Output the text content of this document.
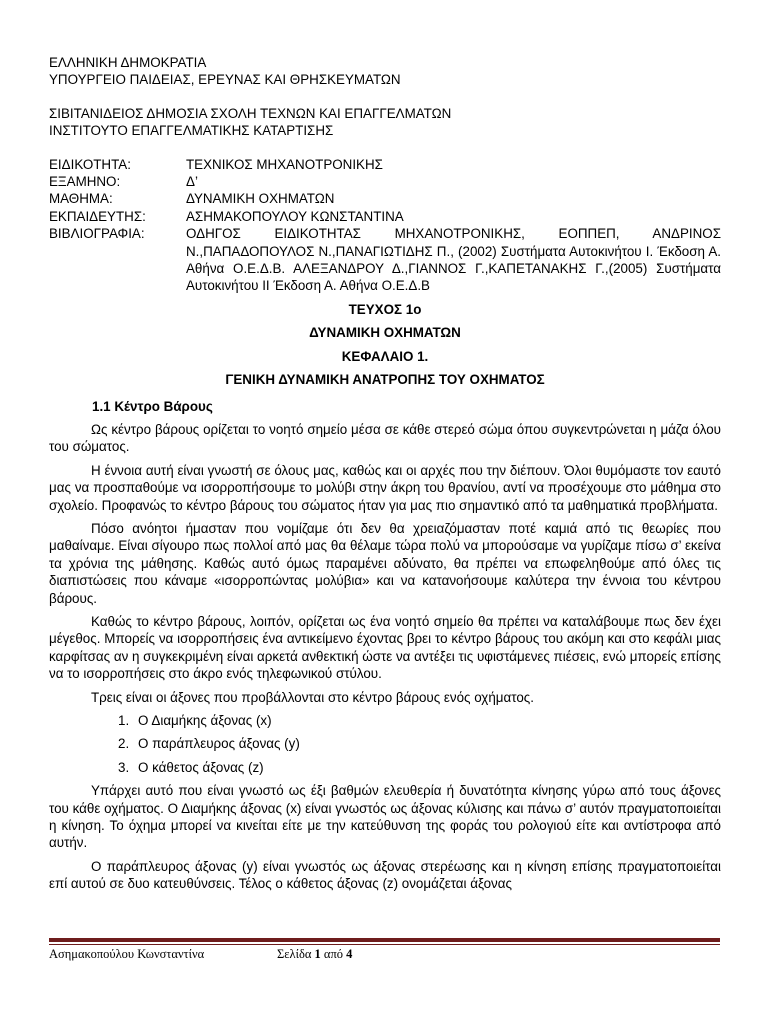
ΕΛΛΗΝΙΚΗ ΔΗΜΟΚΡΑΤΙΑ
ΥΠΟΥΡΓΕΙΟ ΠΑΙΔΕΙΑΣ, ΕΡΕΥΝΑΣ ΚΑΙ ΘΡΗΣΚΕΥΜΑΤΩΝ
ΣΙΒΙΤΑΝΙΔΕΙΟΣ ΔΗΜΟΣΙΑ ΣΧΟΛΗ ΤΕΧΝΩΝ ΚΑΙ ΕΠΑΓΓΕΛΜΑΤΩΝ
ΙΝΣΤΙΤΟΥΤΟ ΕΠΑΓΓΕΛΜΑΤΙΚΗΣ ΚΑΤΑΡΤΙΣΗΣ
ΕΙΔΙΚΟΤΗΤΑ:	ΤΕΧΝΙΚΟΣ ΜΗΧΑΝΟΤΡΟΝΙΚΗΣ
ΕΞΑΜΗΝΟ:	Δ’
ΜΑΘΗΜΑ:	ΔΥΝΑΜΙΚΗ ΟΧΗΜΑΤΩΝ
ΕΚΠΑΙΔΕΥΤΗΣ:	ΑΣΗΜΑΚΟΠΟΥΛΟΥ ΚΩΝΣΤΑΝΤΙΝΑ
ΒΙΒΛΙΟΓΡΑΦΙΑ:	ΟΔΗΓΟΣ ΕΙΔΙΚΟΤΗΤΑΣ ΜΗΧΑΝΟΤΡΟΝΙΚΗΣ, ΕΟΠΠΕΠ, ΑΝΔΡΙΝΟΣ Ν.,ΠΑΠΑΔΟΠΟΥΛΟΣ Ν.,ΠΑΝΑΓΙΩΤΙΔΗΣ Π., (2002) Συστήματα Αυτοκινήτου Ι. Έκδοση Α. Αθήνα Ο.Ε.Δ.Β. ΑΛΕΞΑΝΔΡΟΥ Δ.,ΓΙΑΝΝΟΣ Γ.,ΚΑΠΕΤΑΝΑΚΗΣ Γ.,(2005) Συστήματα Αυτοκινήτου ΙΙ Έκδοση Α. Αθήνα Ο.Ε.Δ.Β
ΤΕΥΧΟΣ 1ο
ΔΥΝΑΜΙΚΗ ΟΧΗΜΑΤΩΝ
ΚΕΦΑΛΑΙΟ 1.
ΓΕΝΙΚΗ ΔΥΝΑΜΙΚΗ ΑΝΑΤΡΟΠΗΣ ΤΟΥ ΟΧΗΜΑΤΟΣ
1.1 Κέντρο Βάρους

Ως κέντρο βάρους ορίζεται το νοητό σημείο μέσα σε κάθε στερεό σώμα όπου συγκεντρώνεται η μάζα όλου του σώματος.

Η έννοια αυτή είναι γνωστή σε όλους μας, καθώς και οι αρχές που την διέπουν. Όλοι θυμόμαστε τον εαυτό μας να προσπαθούμε να ισορροπήσουμε το μολύβι στην άκρη του θρανίου, αντί να προσέχουμε στο μάθημα στο σχολείο. Προφανώς το κέντρο βάρους του σώματος ήταν για μας πιο σημαντικό από τα μαθηματικά προβλήματα.

Πόσο ανόητοι ήμασταν που νομίζαμε ότι δεν θα χρειαζόμασταν ποτέ καμιά από τις θεωρίες που μαθαίναμε. Είναι σίγουρο πως πολλοί από μας θα θέλαμε τώρα πολύ να μπορούσαμε να γυρίζαμε πίσω σ’ εκείνα τα χρόνια της μάθησης. Καθώς αυτό όμως παραμένει αδύνατο, θα πρέπει να επωφεληθούμε από όλες τις διαπιστώσεις που κάναμε «ισορροπώντας μολύβια» και να κατανοήσουμε καλύτερα την έννοια του κέντρου βάρους.

Καθώς το κέντρο βάρους, λοιπόν, ορίζεται ως ένα νοητό σημείο θα πρέπει να καταλάβουμε πως δεν έχει μέγεθος. Μπορείς να ισορροπήσεις ένα αντικείμενο έχοντας βρει το κέντρο βάρους του ακόμη και στο κεφάλι μιας καρφίτσας αν η συγκεκριμένη είναι αρκετά ανθεκτική ώστε να αντέξει τις υφιστάμενες πιέσεις, ενώ μπορείς επίσης να το ισορροπήσεις στο άκρο ενός τηλεφωνικού στύλου.

Τρεις είναι οι άξονες που προβάλλονται στο κέντρο βάρους ενός οχήματος.

1. Ο Διαμήκης άξονας (x)
2. Ο παράπλευρος άξονας (y)
3. Ο κάθετος άξονας (z)

Υπάρχει αυτό που είναι γνωστό ως έξι βαθμών ελευθερία ή δυνατότητα κίνησης γύρω από τους άξονες του κάθε οχήματος. Ο Διαμήκης άξονας (x) είναι γνωστός ως άξονας κύλισης και πάνω σ’ αυτόν πραγματοποιείται η κίνηση. Το όχημα μπορεί να κινείται είτε με την κατεύθυνση της φοράς του ρολογιού είτε και αντίστροφα από αυτήν.

Ο παράπλευρος άξονας (y) είναι γνωστός ως άξονας στερέωσης και η κίνηση επίσης πραγματοποιείται επί αυτού σε δυο κατευθύνσεις. Τέλος ο κάθετος άξονας (z) ονομάζεται άξονας

Ασημακοπούλου Κωνσταντίνα	Σελίδα 1 από 4
